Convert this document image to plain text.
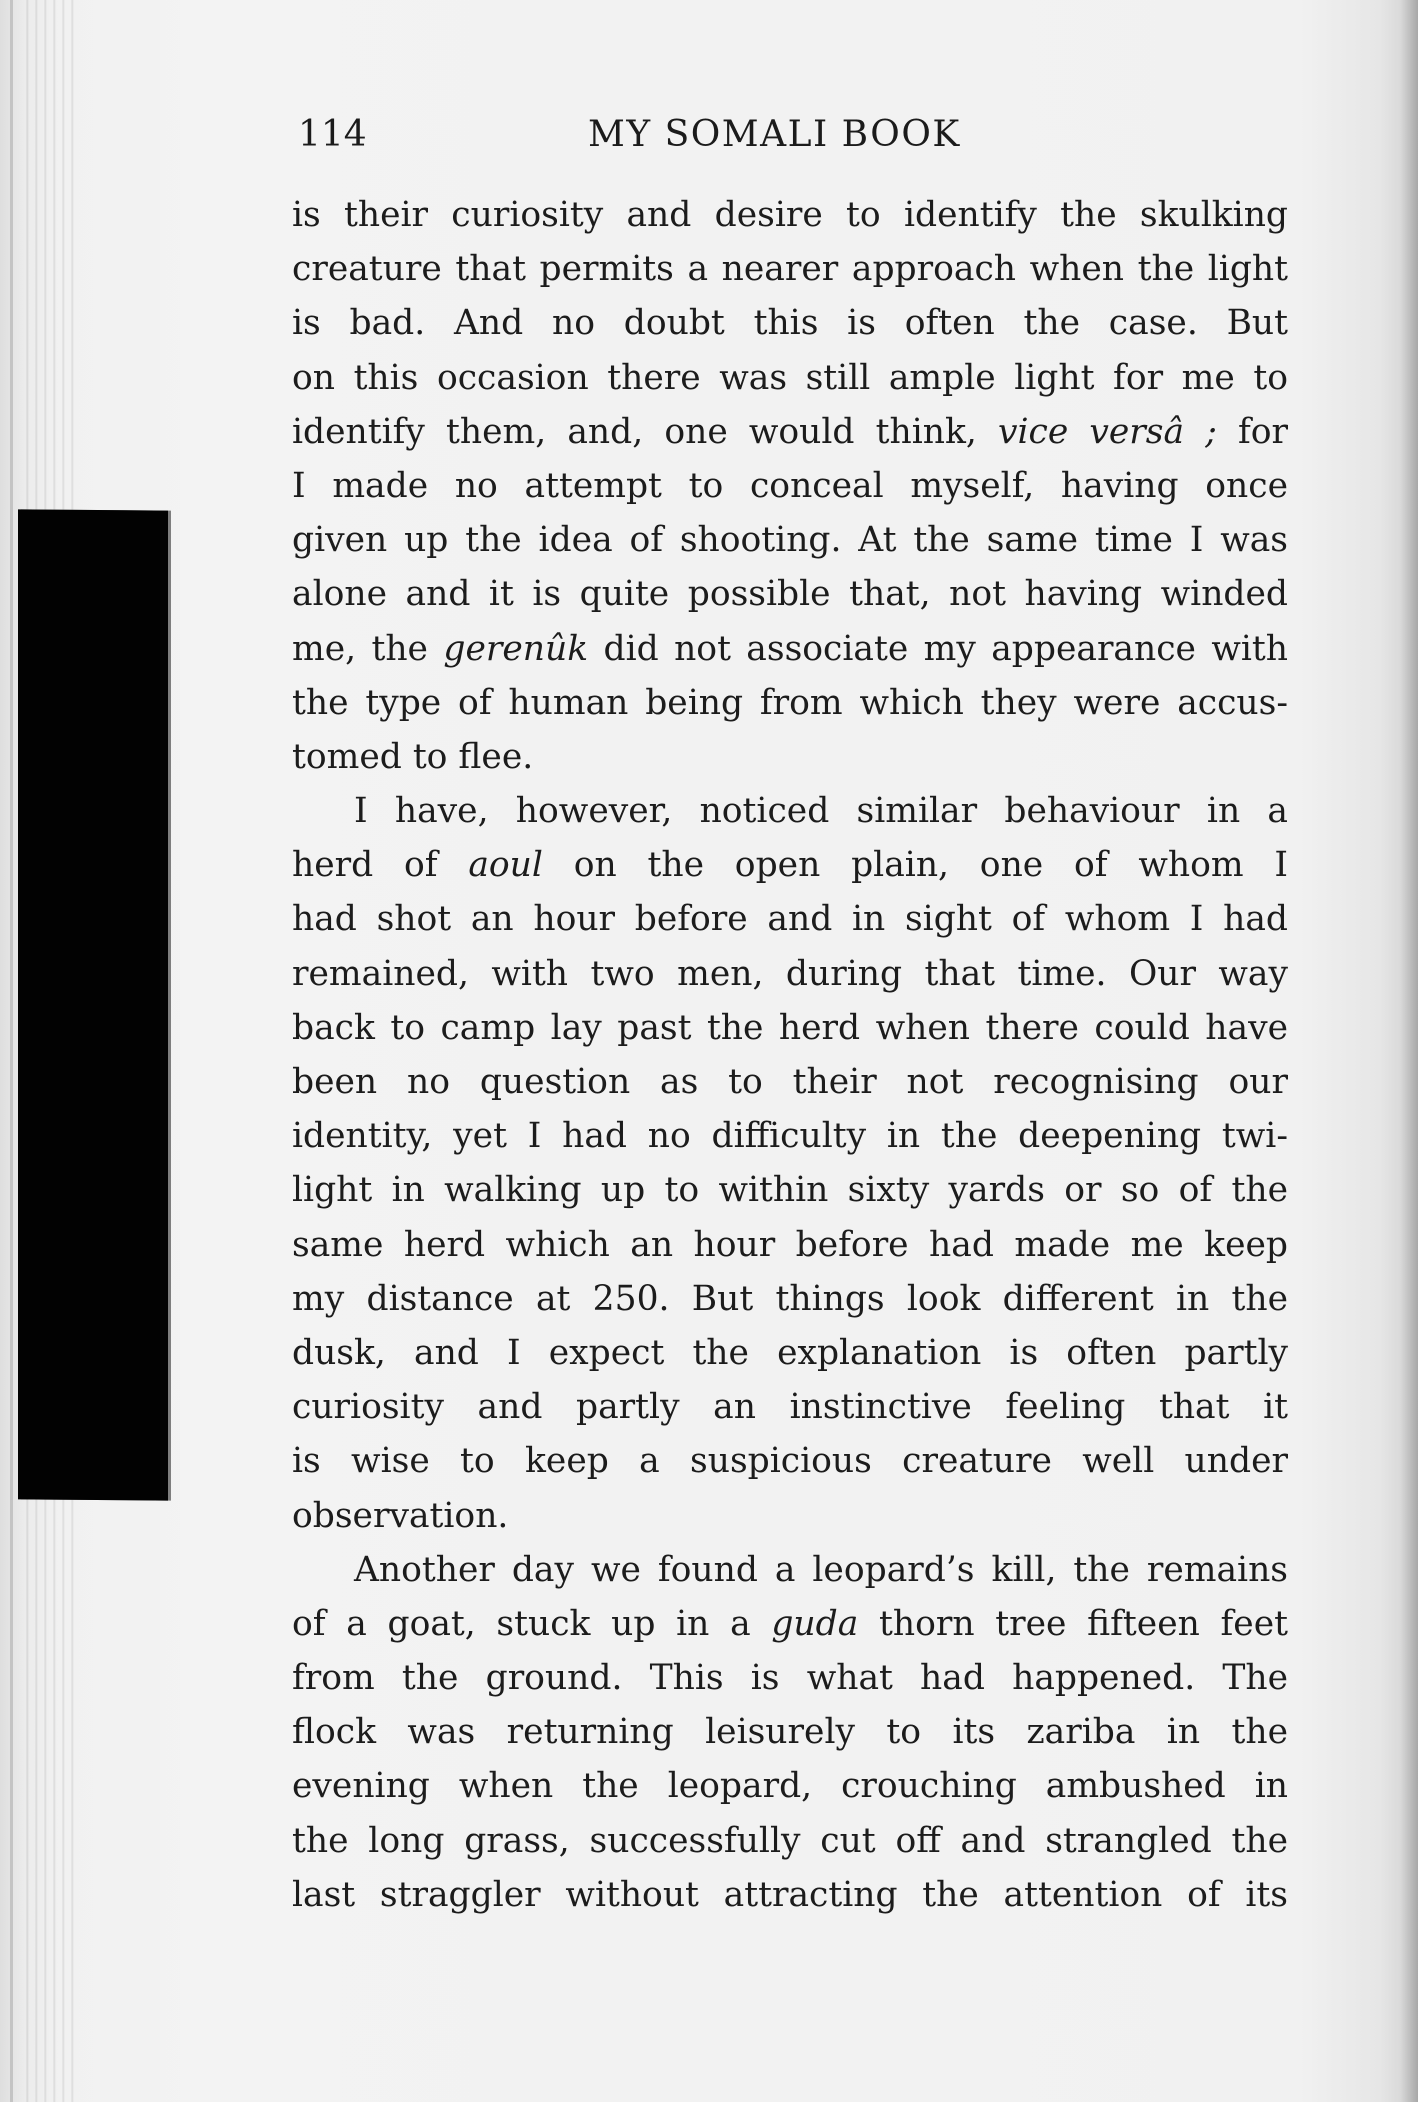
114	MY SOMALI BOOK
is their curiosity and desire to identify the skulking
creature that permits a nearer approach when the light
is bad. And no doubt this is often the case. But
on this occasion there was still ample light for me to
identify them, and, one would think, vice versâ ; for
I made no attempt to conceal myself, having once
given up the idea of shooting. At the same time I was
alone and it is quite possible that, not having winded
me, the gerenûk did not associate my appearance with
the type of human being from which they were accus-
tomed to flee.
I have, however, noticed similar behaviour in a
herd of aoul on the open plain, one of whom I
had shot an hour before and in sight of whom I had
remained, with two men, during that time. Our way
back to camp lay past the herd when there could have
been no question as to their not recognising our
identity, yet I had no difficulty in the deepening twi-
light in walking up to within sixty yards or so of the
same herd which an hour before had made me keep
my distance at 250. But things look different in the
dusk, and I expect the explanation is often partly
curiosity and partly an instinctive feeling that it
is wise to keep a suspicious creature well under
observation.
Another day we found a leopard’s kill, the remains
of a goat, stuck up in a guda thorn tree fifteen feet
from the ground. This is what had happened. The
flock was returning leisurely to its zariba in the
evening when the leopard, crouching ambushed in
the long grass, successfully cut off and strangled the
last straggler without attracting the attention of its
